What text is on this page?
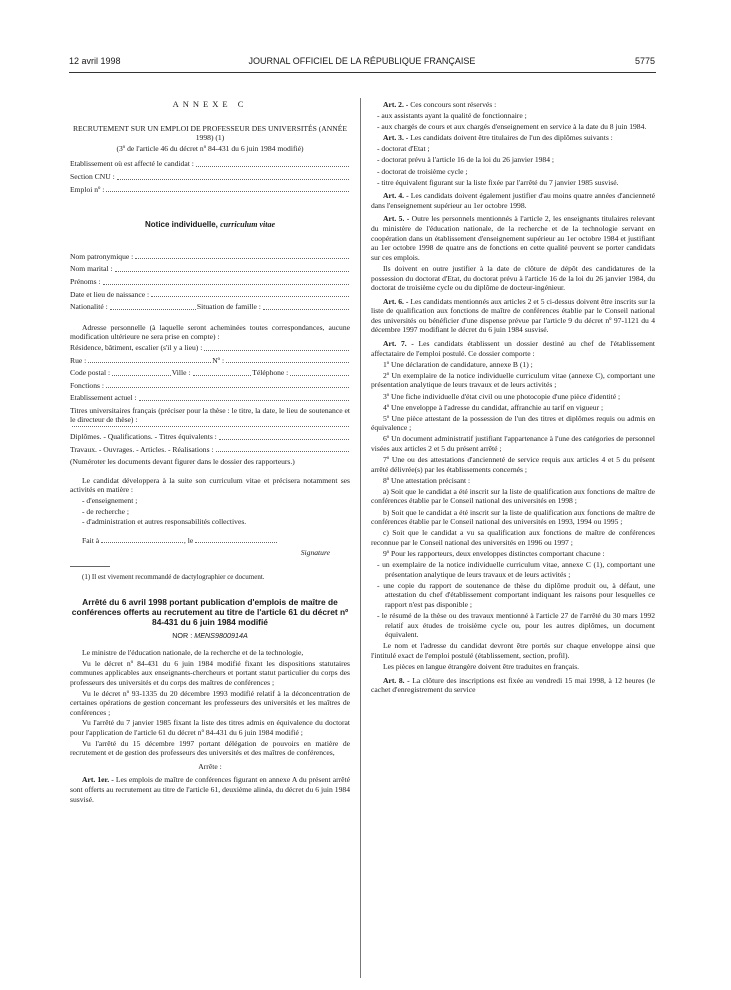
12 avril 1998	JOURNAL OFFICIEL DE LA RÉPUBLIQUE FRANÇAISE	5775

ANNEXE C

RECRUTEMENT SUR UN EMPLOI DE PROFESSEUR DES UNIVERSITÉS (ANNÉE 1998) (1)

(3º de l'article 46 du décret nº 84-431 du 6 juin 1984 modifié)

Etablissement où est affecté le candidat :
Section CNU :
Emploi nº :

Notice individuelle, curriculum vitae

Nom patronymique :
Nom marital :
Prénoms :
Date et lieu de naissance :
Nationalité :	Situation de famille :

Adresse personnelle (à laquelle seront acheminées toutes correspondances, aucune modification ultérieure ne sera prise en compte) :

Résidence, bâtiment, escalier (s'il y a lieu) :
Rue :	Nº :
Code postal :	Ville :	Téléphone :
Fonctions :
Etablissement actuel :

Titres universitaires français (préciser pour la thèse : le titre, la date, le lieu de soutenance et le directeur de thèse) :

Diplômes. - Qualifications. - Titres équivalents :
Travaux. - Ouvrages. - Articles. - Réalisations :

(Numéroter les documents devant figurer dans le dossier des rapporteurs.)

Le candidat développera à la suite son curriculum vitae et précisera notamment ses activités en matière :

- d'enseignement ;

- de recherche ;

- d'administration et autres responsabilités collectives.

Fait à	, le

Signature

(1) Il est vivement recommandé de dactylographier ce document.

Arrêté du 6 avril 1998 portant publication d'emplois de maître de conférences offerts au recrutement au titre de l'article 61 du décret nº 84-431 du 6 juin 1984 modifié

NOR : MENS9800914A

Le ministre de l'éducation nationale, de la recherche et de la technologie,

Vu le décret nº 84-431 du 6 juin 1984 modifié fixant les dispositions statutaires communes applicables aux enseignants-chercheurs et portant statut particulier du corps des professeurs des universités et du corps des maîtres de conférences ;

Vu le décret nº 93-1335 du 20 décembre 1993 modifié relatif à la déconcentration de certaines opérations de gestion concernant les professeurs des universités et les maîtres de conférences ;

Vu l'arrêté du 7 janvier 1985 fixant la liste des titres admis en équivalence du doctorat pour l'application de l'article 61 du décret nº 84-431 du 6 juin 1984 modifié ;

Vu l'arrêté du 15 décembre 1997 portant délégation de pouvoirs en matière de recrutement et de gestion des professeurs des universités et des maîtres de conférences,

Arrête :

Art. 1er. - Les emplois de maître de conférences figurant en annexe A du présent arrêté sont offerts au recrutement au titre de l'article 61, deuxième alinéa, du décret du 6 juin 1984 susvisé.

Art. 2. - Ces concours sont réservés :

- aux assistants ayant la qualité de fonctionnaire ;

- aux chargés de cours et aux chargés d'enseignement en service à la date du 8 juin 1984.

Art. 3. - Les candidats doivent être titulaires de l'un des diplômes suivants :

- doctorat d'Etat ;

- doctorat prévu à l'article 16 de la loi du 26 janvier 1984 ;

- doctorat de troisième cycle ;

- titre équivalent figurant sur la liste fixée par l'arrêté du 7 janvier 1985 susvisé.

Art. 4. - Les candidats doivent également justifier d'au moins quatre années d'ancienneté dans l'enseignement supérieur au 1er octobre 1998.

Art. 5. - Outre les personnels mentionnés à l'article 2, les enseignants titulaires relevant du ministère de l'éducation nationale, de la recherche et de la technologie servant en coopération dans un établissement d'enseignement supérieur au 1er octobre 1984 et justifiant au 1er octobre 1998 de quatre ans de fonctions en cette qualité peuvent se porter candidats sur ces emplois.

Ils doivent en outre justifier à la date de clôture de dépôt des candidatures de la possession du doctorat d'Etat, du doctorat prévu à l'article 16 de la loi du 26 janvier 1984, du doctorat de troisième cycle ou du diplôme de docteur-ingénieur.

Art. 6. - Les candidats mentionnés aux articles 2 et 5 ci-dessus doivent être inscrits sur la liste de qualification aux fonctions de maître de conférences établie par le Conseil national des universités ou bénéficier d'une dispense prévue par l'article 9 du décret nº 97-1121 du 4 décembre 1997 modifiant le décret du 6 juin 1984 susvisé.

Art. 7. - Les candidats établissent un dossier destiné au chef de l'établissement affectataire de l'emploi postulé. Ce dossier comporte :

1º Une déclaration de candidature, annexe B (1) ;

2º Un exemplaire de la notice individuelle curriculum vitae (annexe C), comportant une présentation analytique de leurs travaux et de leurs activités ;

3º Une fiche individuelle d'état civil ou une photocopie d'une pièce d'identité ;

4º Une enveloppe à l'adresse du candidat, affranchie au tarif en vigueur ;

5º Une pièce attestant de la possession de l'un des titres et diplômes requis ou admis en équivalence ;

6º Un document administratif justifiant l'appartenance à l'une des catégories de personnel visées aux articles 2 et 5 du présent arrêté ;

7º Une ou des attestations d'ancienneté de service requis aux articles 4 et 5 du présent arrêté délivrée(s) par les établissements concernés ;

8º Une attestation précisant :

a) Soit que le candidat a été inscrit sur la liste de qualification aux fonctions de maître de conférences établie par le Conseil national des universités en 1998 ;

b) Soit que le candidat a été inscrit sur la liste de qualification aux fonctions de maître de conférences établie par le Conseil national des universités en 1993, 1994 ou 1995 ;

c) Soit que le candidat a vu sa qualification aux fonctions de maître de conférences reconnue par le Conseil national des universités en 1996 ou 1997 ;

9º Pour les rapporteurs, deux enveloppes distinctes comportant chacune :

- un exemplaire de la notice individuelle curriculum vitae, annexe C (1), comportant une présentation analytique de leurs travaux et de leurs activités ;

- une copie du rapport de soutenance de thèse du diplôme produit ou, à défaut, une attestation du chef d'établissement comportant indiquant les raisons pour lesquelles ce rapport n'est pas disponible ;

- le résumé de la thèse ou des travaux mentionné à l'article 27 de l'arrêté du 30 mars 1992 relatif aux études de troisième cycle ou, pour les autres diplômes, un document équivalent.

Le nom et l'adresse du candidat devront être portés sur chaque enveloppe ainsi que l'intitulé exact de l'emploi postulé (établissement, section, profil).

Les pièces en langue étrangère doivent être traduites en français.

Art. 8. - La clôture des inscriptions est fixée au vendredi 15 mai 1998, à 12 heures (le cachet d'enregistrement du service
